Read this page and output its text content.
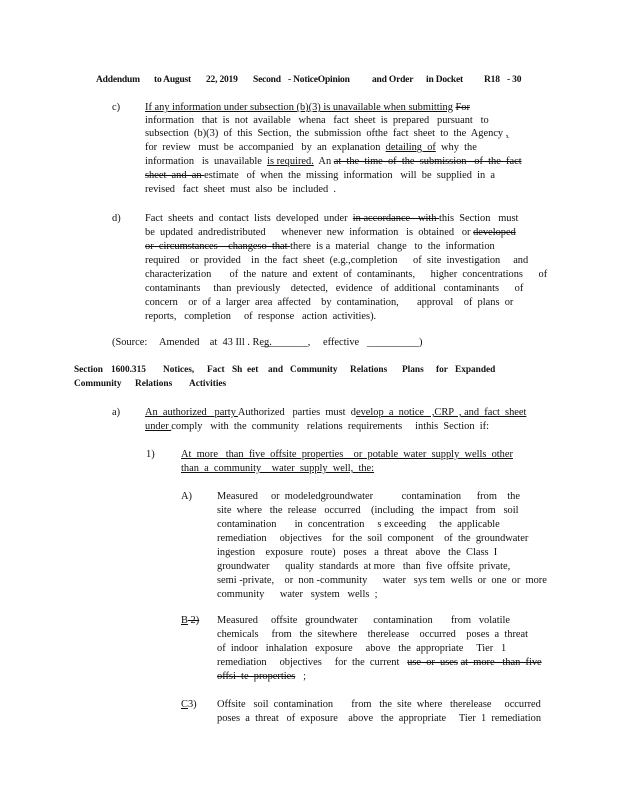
Addendum to August 22, 2019 Second - NoticeOpinion and Order in Docket R18 - 30
c) If any information under subsection (b)(3) is unavailable when submitting For
information   that  is  not  available   whena   fact  sheet  is  prepared   pursuant   to
subsection  (b)(3)  of  this  Section,  the  submission  ofthe  fact  sheet  to  the  Agency ,
for  review   must  be  accompanied   by  an  explanation  detailing  of  why  the
information   is  unavailable  is required.  An at  the  time  of  the  submission   of  the  fact
sheet  and  an estimate   of  when  the  missing  information   will  be  supplied  in  a
revised   fact  sheet  must  also  be  included  .
d) Fact  sheets  and  contact  lists  developed  under  in accordance   with this  Section   must
be  updated  andredistributed      whenever  new  information   is  obtained   or developed
or  circumstances    changeso  that there  is a  material   change   to  the  information
required    or  provided    in  the  fact  sheet  (e.g.,completion      of  site  investigation     and
characterization       of  the  nature  and  extent  of  contaminants,      higher  concentrations      of
contaminants     than  previously    detected,   evidence   of  additional   contaminants      of
concern    or  of  a  larger  area  affected    by  contamination,       approval    of  plans  or
reports,   completion     of  response   action  activities).
(Source: Amended    at  43 Ill . Reg.
_________, effective __________)
Section 1600.315 Notices, Fact Sh  eet and Community Relations Plans for Expanded
Community Relations Activities
a) An  authorized   party Authorized   parties  must  develop  a  notice   ,CRP  , and  fact  sheet
under comply   with  the  community   relations  requirements     inthis  Section  if:
1)	At  more   than  five  offsite  properties    or  potable  water  supply  wells  other
than  a  community    water  supply  well,  the:
A) Measured     or  modeledgroundwater           contamination      from    the
site  where   the  release   occurred    (including   the  impact   from   soil
contamination       in  concentration     s exceeding     the  applicable
remediation     objectives    for  the  soil  component    of  the  groundwater
ingestion    exposure   route)   poses   a  threat   above   the  Class  I
groundwater      quality  standards  at more   than  five  offsite  private,
semi -private,    or  non -community      water   sys tem  wells  or  one  or  more
community      water   system   wells  ;
B 2) Measured     offsite   groundwater      contamination       from   volatile
chemicals     from   the  sitewhere    therelease    occurred    poses  a  threat
of  indoor   inhalation   exposure     above   the  appropriate     Tier   1
remediation     objectives     for  the  current   use  or  uses at  more   than  five
offsi  te  properties   ;
C3) Offsite   soil  contamination       from   the  site  where   therelease     occurred
poses  a  threat   of  exposure    above   the  appropriate     Tier  1  remediation
